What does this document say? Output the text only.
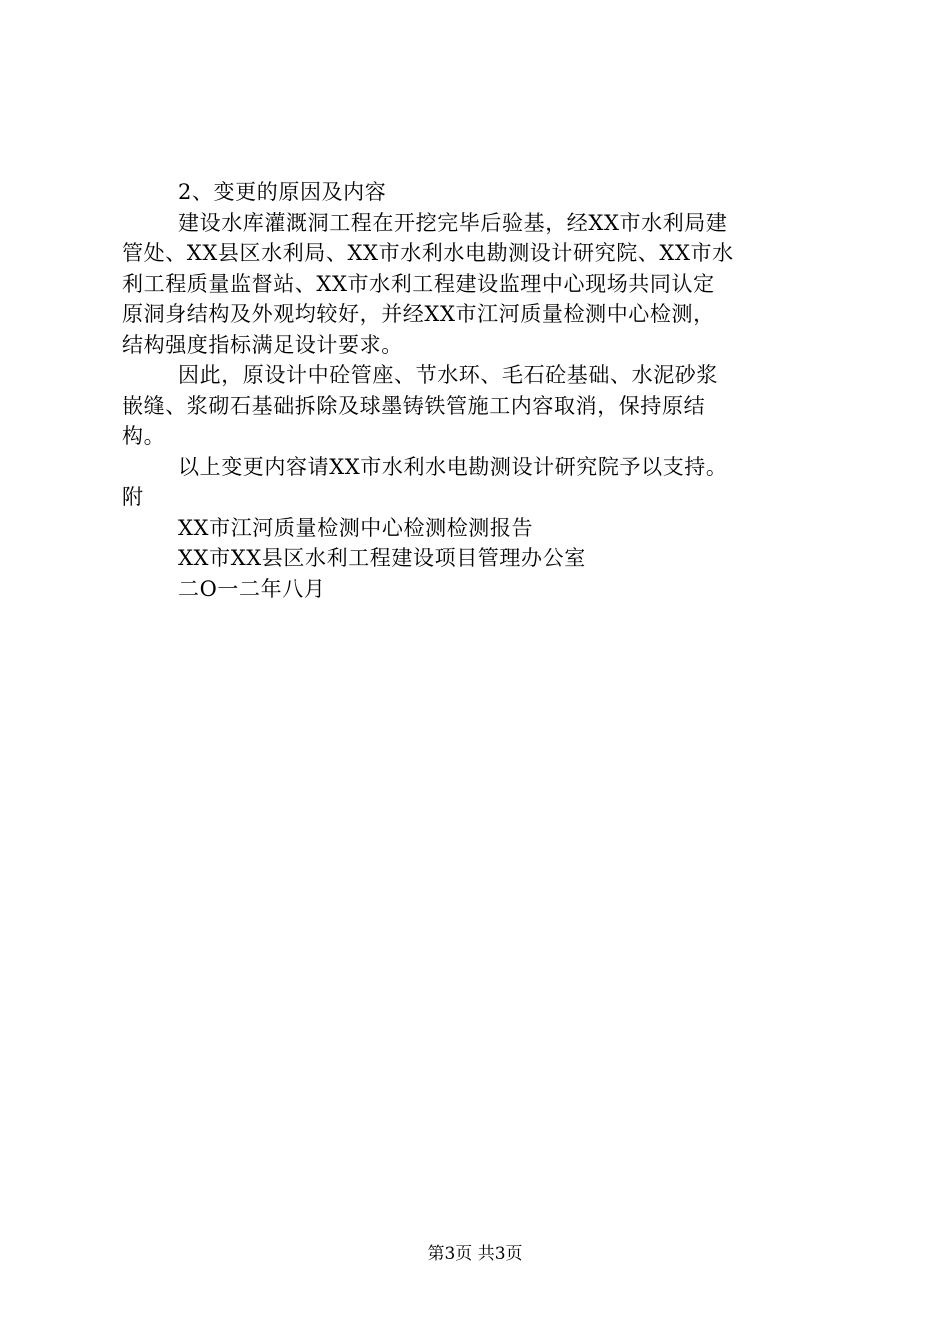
2、变更的原因及内容
建设水库灌溉洞工程在开挖完毕后验基，经XX市水利局建
管处、XX县区水利局、XX市水利水电勘测设计研究院、XX市水
利工程质量监督站、XX市水利工程建设监理中心现场共同认定
原洞身结构及外观均较好，并经XX市江河质量检测中心检测，
结构强度指标满足设计要求。
因此，原设计中砼管座、节水环、毛石砼基础、水泥砂浆
嵌缝、浆砌石基础拆除及球墨铸铁管施工内容取消，保持原结
构。
以上变更内容请XX市水利水电勘测设计研究院予以支持。
附
XX市江河质量检测中心检测检测报告
XX市XX县区水利工程建设项目管理办公室
二O一二年八月
第3页 共3页
